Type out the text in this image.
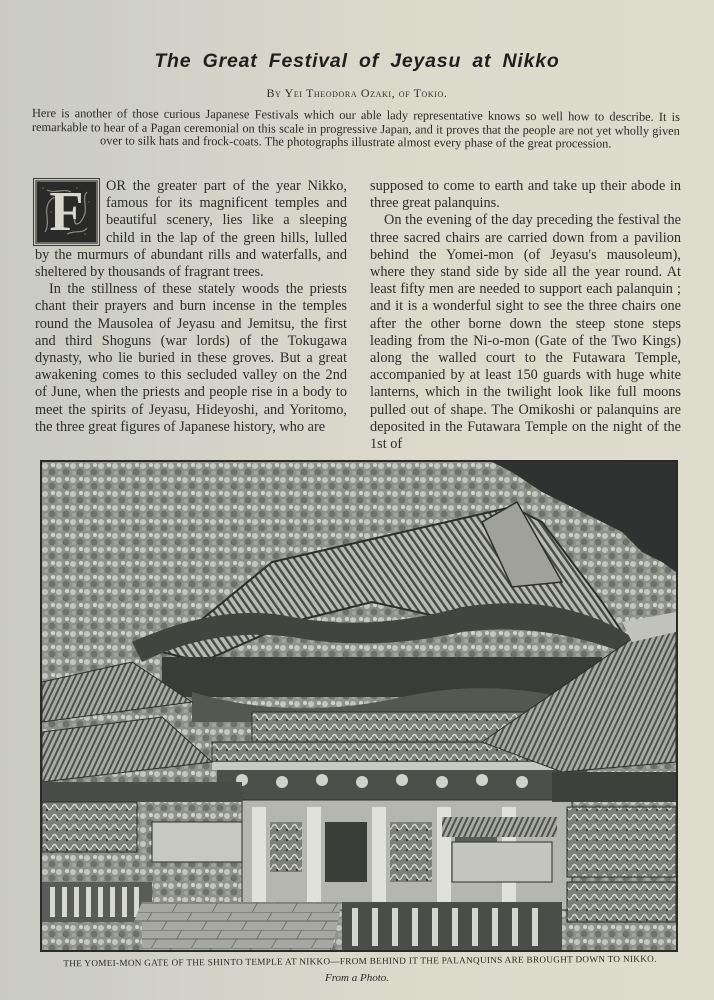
The Great Festival of Jeyasu at Nikko
By Yei Theodora Ozaki, of Tokio.
Here is another of those curious Japanese Festivals which our able lady representative knows so well how to describe. It is remarkable to hear of a Pagan ceremonial on this scale in progressive Japan, and it proves that the people are not yet wholly given over to silk hats and frock-coats. The photographs illustrate almost every phase of the great procession.
F	OR the greater part of the year Nikko, famous for its magnificent temples and beautiful scenery, lies like a sleeping child in the lap of the green hills, lulled by the murmurs of abundant rills and waterfalls, and sheltered by thousands of fragrant trees.

In the stillness of these stately woods the priests chant their prayers and burn incense in the temples round the Mausolea of Jeyasu and Jemitsu, the first and third Shoguns (war lords) of the Tokugawa dynasty, who lie buried in these groves. But a great awakening comes to this secluded valley on the 2nd of June, when the priests and people rise in a body to meet the spirits of Jeyasu, Hideyoshi, and Yoritomo, the three great figures of Japanese history, who are

supposed to come to earth and take up their abode in three great palanquins.

On the evening of the day preceding the festival the three sacred chairs are carried down from a pavilion behind the Yomei-mon (of Jeyasu's mausoleum), where they stand side by side all the year round. At least fifty men are needed to support each palanquin ; and it is a wonderful sight to see the three chairs one after the other borne down the steep stone steps leading from the Ni-o-mon (Gate of the Two Kings) along the walled court to the Futawara Temple, accompanied by at least 150 guards with huge white lanterns, which in the twilight look like full moons pulled out of shape. The Omikoshi or palanquins are deposited in the Futawara Temple on the night of the 1st of

THE YOMEI-MON GATE OF THE SHINTO TEMPLE AT NIKKO—FROM BEHIND IT THE PALANQUINS ARE BROUGHT DOWN TO NIKKO.
From a Photo.
